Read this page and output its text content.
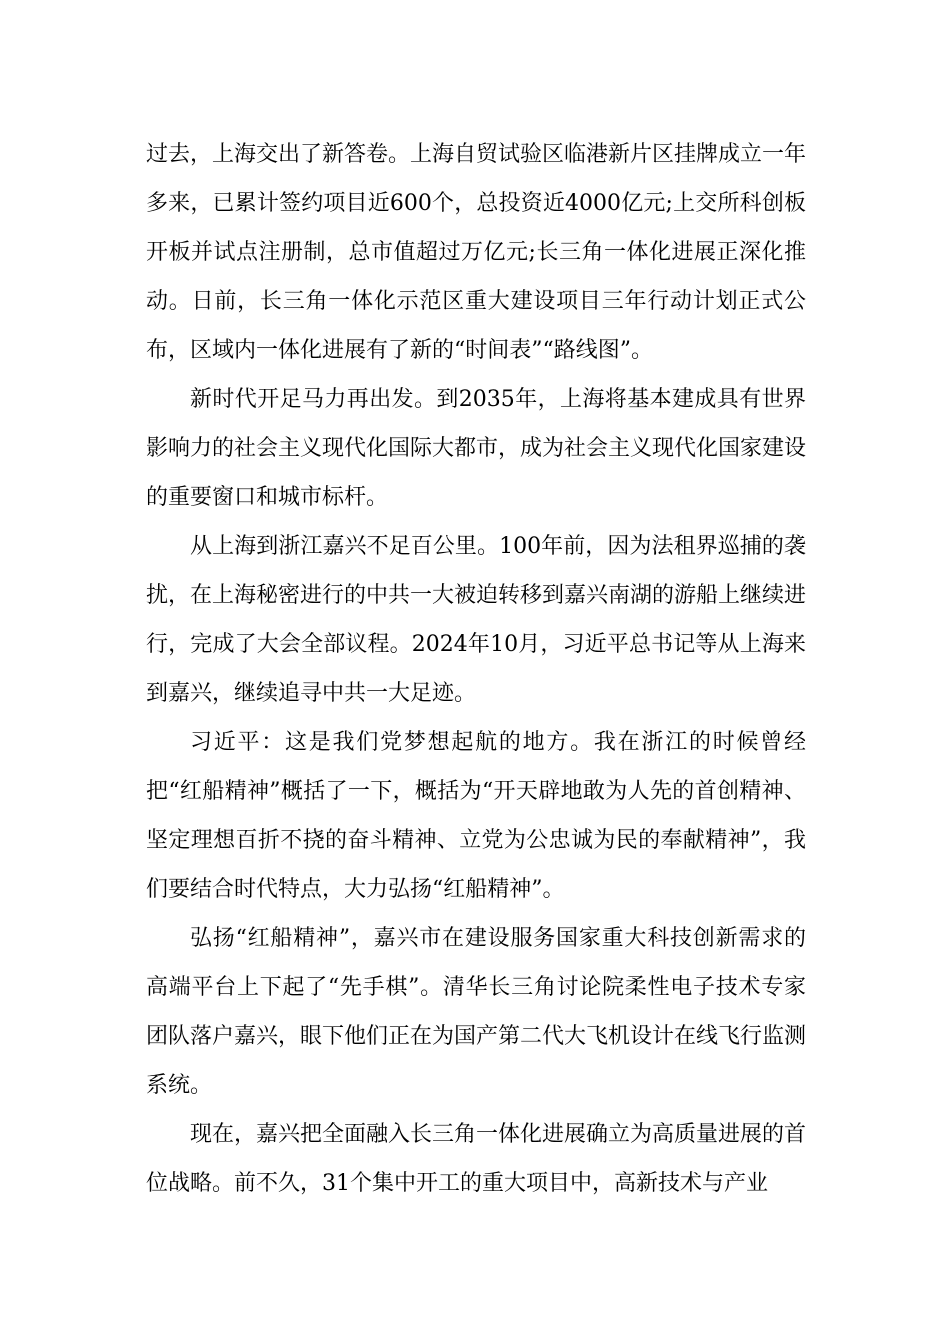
过去，上海交出了新答卷。上海自贸试验区临港新片区挂牌成立一年多来，已累计签约项目近600个，总投资近4000亿元;上交所科创板开板并试点注册制，总市值超过万亿元;长三角一体化进展正深化推动。日前，长三角一体化示范区重大建设项目三年行动计划正式公布，区域内一体化进展有了新的“时间表”“路线图”。

新时代开足马力再出发。到2035年，上海将基本建成具有世界影响力的社会主义现代化国际大都市，成为社会主义现代化国家建设的重要窗口和城市标杆。

从上海到浙江嘉兴不足百公里。100年前，因为法租界巡捕的袭扰，在上海秘密进行的中共一大被迫转移到嘉兴南湖的游船上继续进行，完成了大会全部议程。2024年10月，习近平总书记等从上海来到嘉兴，继续追寻中共一大足迹。

习近平：这是我们党梦想起航的地方。我在浙江的时候曾经把“红船精神”概括了一下，概括为“开天辟地敢为人先的首创精神、坚定理想百折不挠的奋斗精神、立党为公忠诚为民的奉献精神”，我们要结合时代特点，大力弘扬“红船精神”。

弘扬“红船精神”，嘉兴市在建设服务国家重大科技创新需求的高端平台上下起了“先手棋”。清华长三角讨论院柔性电子技术专家团队落户嘉兴，眼下他们正在为国产第二代大飞机设计在线飞行监测系统。

现在，嘉兴把全面融入长三角一体化进展确立为高质量进展的首位战略。前不久，31个集中开工的重大项目中，高新技术与产业
